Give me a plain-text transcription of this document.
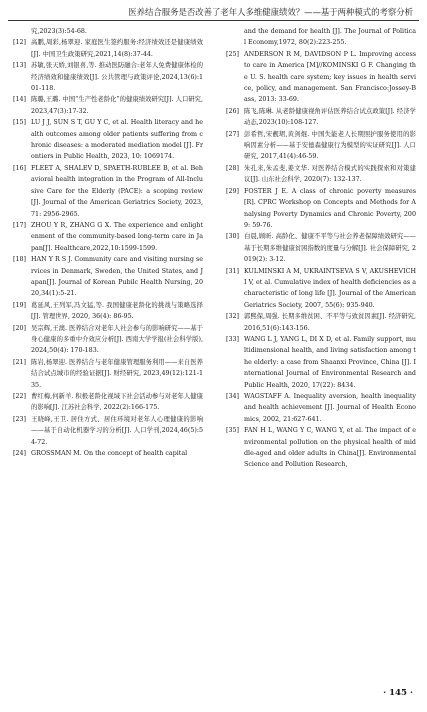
医养结合服务是否改善了老年人多维健康绩效？——基于两种模式的考察分析
究,2023(3):54-68.
[12] 高鹏,周彩,杨翠迎. 家庭医生签约服务:经济绩效还是健康绩效[J]. 中国卫生政策研究,2021,14(8):37-44.
[13] 苏敏,张天娇,刘银喜,等. 推动医防融合:老年人免费健康体检的经济绩效和健康绩效[J]. 公共管理与政策评论,2024,13(6):101-118.
[14] 陈璐,王璐. 中国“生产性老龄化”的健康绩效研究[J]. 人口研究,2023,47(3):17-32.
[15] LU J J, SUN S T, GU Y C, et al. Health literacy and health outcomes among older patients suffering from chronic diseases: a moderated mediation model [J]. Frontiers in Public Health, 2023, 10: 1069174.
[16] FLEET A, SHALEV D, SPAETH-RUBLEE B, et al. Behavioral health integration in the Program of All-Inclusive Care for the Elderly (PACE): a scoping review [J]. Journal of the American Geriatrics Society, 2023, 71: 2956-2965.
[17] ZHOU Y R, ZHANG G X. The experience and enlightenment of the community-based long-term care in Japan[J]. Healthcare,2022,10:1599-1599.
[18] HAN Y R S J. Community care and visiting nursing services in Denmark, Sweden, the United States, and Japan[J]. Journal of Korean Pubilc Health Nursing, 2020,34(1):5-21.
[19] 葛延风,王列军,冯文猛,等. 我国健康老龄化的挑战与策略选择[J]. 管理世界, 2020, 36(4): 86-95.
[20] 吴宗辉,王澳. 医养结合对老年人社会参与的影响研究——基于身心健康的多重中介效应分析[J]. 西南大学学报(社会科学版), 2024,50(4): 170-183.
[21] 陈岩,杨翠迎. 医养结合与老年健康管理服务利用——来自医养结合试点城市的经验证据[J]. 财经研究, 2023,49(12):121-135.
[22] 曹红梅,何新羊. 积极老龄化视域下社会活动参与对老年人健康的影响[J]. 江苏社会科学, 2022(2):166-175.
[23] 王晓峰,王卫. 居住方式、居住环境对老年人心理健康的影响——基于自动化机器学习的分析[J]. 人口学刊,2024,46(5):54-72.
[24] GROSSMAN M. On the concept of health capital
and the demand for health [J]. The Journal of Political Economy,1972, 80(2):223-255.
[25] ANDERSON R M, DAVIDSON P L. Improving access to care in America [M]//KOMINSKI G F. Changing the U. S. health care system; key issues in health service, policy, and management. San Francisco:Jossey-Bass, 2013: 33-69.
[26] 陈飞,陈琳. 从老龄健康视角评估医养结合试点政策[J]. 经济学动态,2023(10):108-127.
[27] 彭希哲,宋靓珺,黄剑焜. 中国失能老人长期照护服务使用的影响因素分析——基于安德森健康行为模型的实证研究[J]. 人口研究, 2017,41(4):46-59.
[28] 朱孔来,朱孟斐,姜文华. 对医养结合模式的实践探索和对策建议[J]. 山东社会科学, 2020(7): 132-137.
[29] FOSTER J E. A class of chronic poverty measures [R]. CPRC Workshop on Concepts and Methods for Analysing Poverty Dynamics and Chronic Poverty, 2009: 59-76.
[30] 白晨,顾昕. 高龄化、健康不平等与社会养老保障绩效研究——基于长期多维健康贫困指数的度量与分解[J]. 社会保障研究, 2019(2): 3-12.
[31] KULMINSKI A M, UKRAINTSEVA S V, AKUSHEVICH I V, et al. Cumulative index of health deficiencies as a characteristic of long life [J]. Journal of the American Geriatrics Society, 2007, 55(6): 935-940.
[32] 郭熙保,周强. 长期多维贫困、不平等与致贫因素[J]. 经济研究, 2016,51(6):143-156.
[33] WANG L J, YANG L, DI X D, et al. Family support, multidimensional health, and living satisfaction among the elderly: a case from Shaanxi Province, China [J]. International Journal of Environmental Research and Public Health, 2020, 17(22): 8434.
[34] WAGSTAFF A. Inequality aversion, health inequality and health achievement [J]. Journal of Health Economics, 2002, 21:627-641.
[35] FAN H L, WANG Y C, WANG Y, et al. The impact of environmental pollution on the physical health of middle-aged and older adults in China[J]. Environmental Science and Pollution Research,
· 145 ·
